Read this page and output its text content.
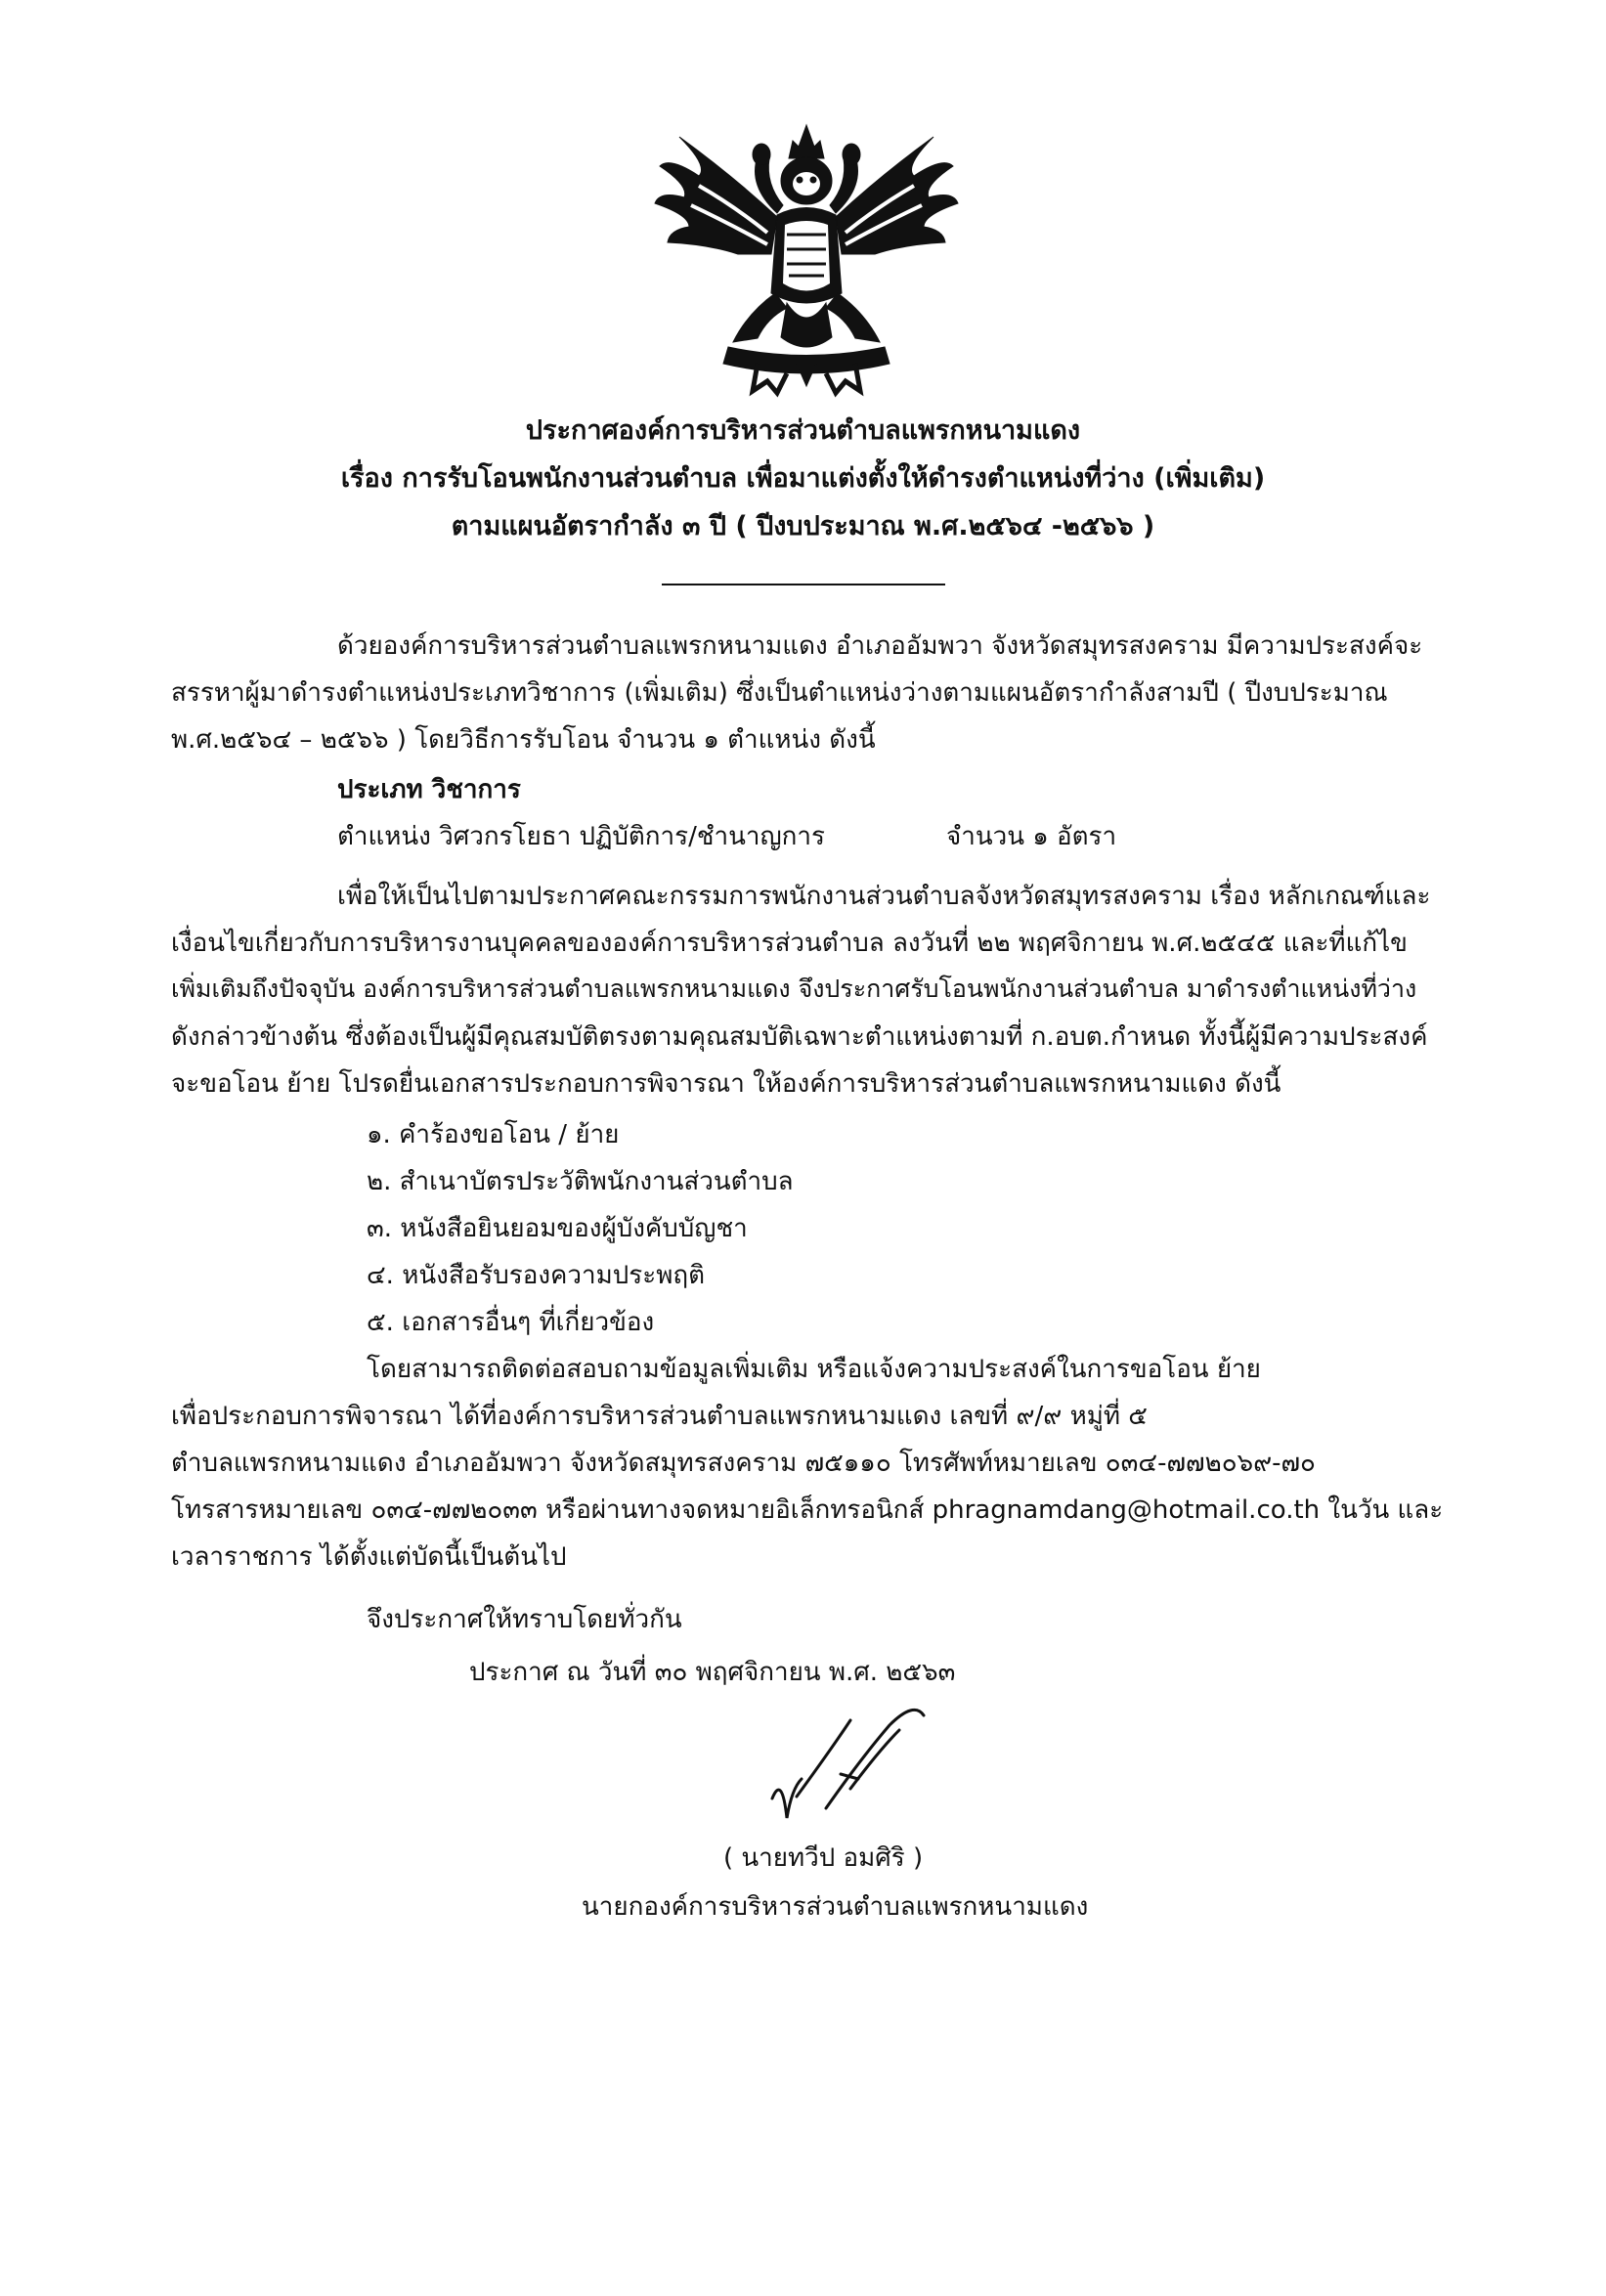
ประกาศองค์การบริหารส่วนตำบลแพรกหนามแดง
เรื่อง การรับโอนพนักงานส่วนตำบล เพื่อมาแต่งตั้งให้ดำรงตำแหน่งที่ว่าง (เพิ่มเติม)
ตามแผนอัตรากำลัง ๓ ปี ( ปีงบประมาณ พ.ศ.๒๕๖๔ -๒๕๖๖ )
ด้วยองค์การบริหารส่วนตำบลแพรกหนามแดง อำเภออัมพวา จังหวัดสมุทรสงคราม มีความประสงค์จะ
สรรหาผู้มาดำรงตำแหน่งประเภทวิชาการ (เพิ่มเติม) ซึ่งเป็นตำแหน่งว่างตามแผนอัตรากำลังสามปี ( ปีงบประมาณ
พ.ศ.๒๕๖๔ – ๒๕๖๖ ) โดยวิธีการรับโอน จำนวน ๑ ตำแหน่ง ดังนี้
ประเภท วิชาการ
ตำแหน่ง วิศวกรโยธา ปฏิบัติการ/ชำนาญการ	จำนวน ๑ อัตรา
เพื่อให้เป็นไปตามประกาศคณะกรรมการพนักงานส่วนตำบลจังหวัดสมุทรสงคราม เรื่อง หลักเกณฑ์และ
เงื่อนไขเกี่ยวกับการบริหารงานบุคคลขององค์การบริหารส่วนตำบล ลงวันที่ ๒๒ พฤศจิกายน พ.ศ.๒๕๔๕ และที่แก้ไข
เพิ่มเติมถึงปัจจุบัน องค์การบริหารส่วนตำบลแพรกหนามแดง จึงประกาศรับโอนพนักงานส่วนตำบล มาดำรงตำแหน่งที่ว่าง
ดังกล่าวข้างต้น ซึ่งต้องเป็นผู้มีคุณสมบัติตรงตามคุณสมบัติเฉพาะตำแหน่งตามที่ ก.อบต.กำหนด ทั้งนี้ผู้มีความประสงค์
จะขอโอน ย้าย โปรดยื่นเอกสารประกอบการพิจารณา ให้องค์การบริหารส่วนตำบลแพรกหนามแดง ดังนี้
๑. คำร้องขอโอน / ย้าย
๒. สำเนาบัตรประวัติพนักงานส่วนตำบล
๓. หนังสือยินยอมของผู้บังคับบัญชา
๔. หนังสือรับรองความประพฤติ
๕. เอกสารอื่นๆ ที่เกี่ยวข้อง
โดยสามารถติดต่อสอบถามข้อมูลเพิ่มเติม หรือแจ้งความประสงค์ในการขอโอน ย้าย
เพื่อประกอบการพิจารณา ได้ที่องค์การบริหารส่วนตำบลแพรกหนามแดง เลขที่ ๙/๙ หมู่ที่ ๕
ตำบลแพรกหนามแดง อำเภออัมพวา จังหวัดสมุทรสงคราม ๗๕๑๑๐ โทรศัพท์หมายเลข ๐๓๔-๗๗๒๐๖๙-๗๐
โทรสารหมายเลข ๐๓๔-๗๗๒๐๓๓ หรือผ่านทางจดหมายอิเล็กทรอนิกส์ phragnamdang@hotmail.co.th ในวัน และ
เวลาราชการ ได้ตั้งแต่บัดนี้เป็นต้นไป
จึงประกาศให้ทราบโดยทั่วกัน
ประกาศ ณ วันที่ ๓๐ พฤศจิกายน พ.ศ. ๒๕๖๓
( นายทวีป อมศิริ )
นายกองค์การบริหารส่วนตำบลแพรกหนามแดง
